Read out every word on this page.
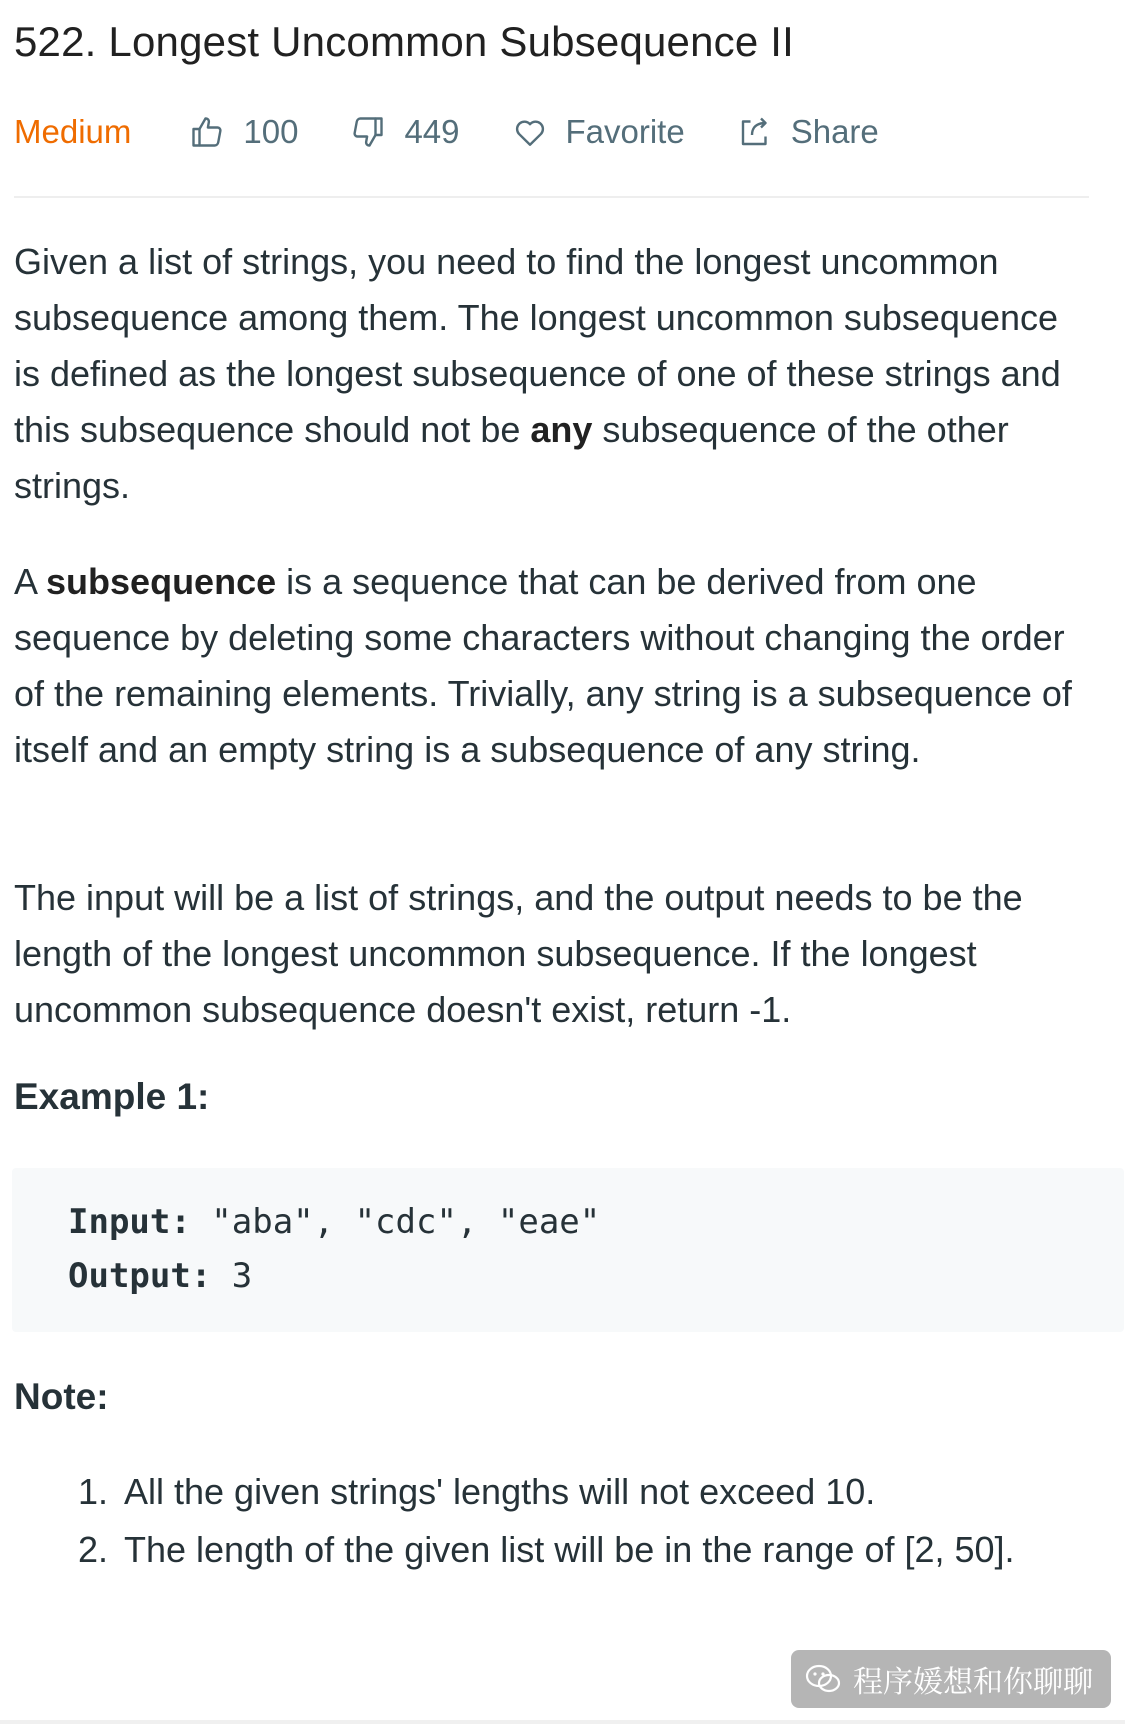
522. Longest Uncommon Subsequence II
Medium	100	449	Favorite	Share
Given a list of strings, you need to find the longest uncommon subsequence among them. The longest uncommon subsequence is defined as the longest subsequence of one of these strings and this subsequence should not be any subsequence of the other strings.
A subsequence is a sequence that can be derived from one sequence by deleting some characters without changing the order of the remaining elements. Trivially, any string is a subsequence of itself and an empty string is a subsequence of any string.
The input will be a list of strings, and the output needs to be the length of the longest uncommon subsequence. If the longest uncommon subsequence doesn't exist, return -1.
Example 1:
Input: "aba", "cdc", "eae"
Output: 3
Note:
1. All the given strings' lengths will not exceed 10.
2. The length of the given list will be in the range of [2, 50].
程序媛想和你聊聊
